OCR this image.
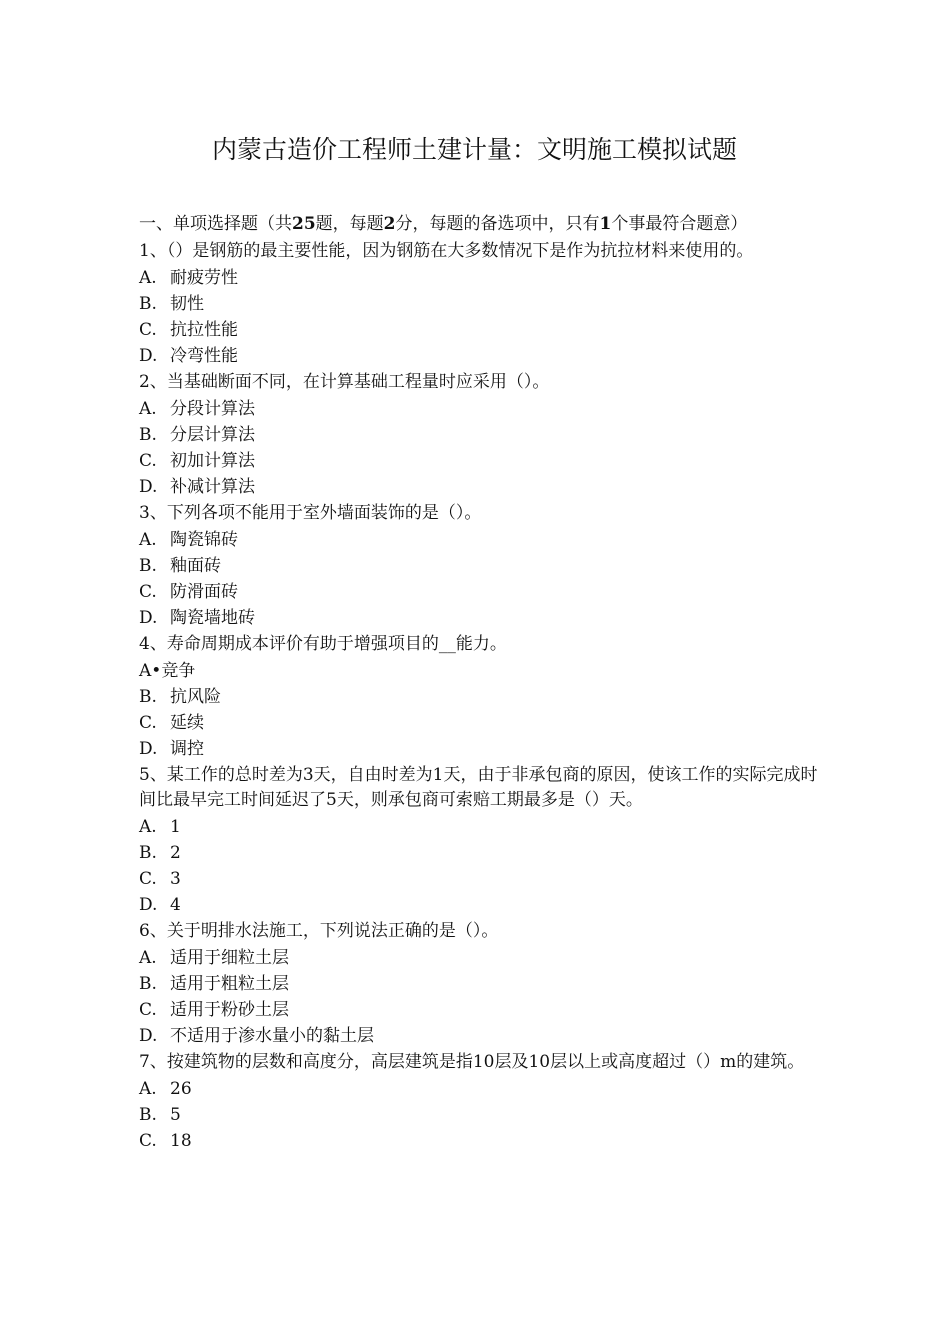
内蒙古造价工程师土建计量：文明施工模拟试题

一、单项选择题（共25题，每题2分，每题的备选项中，只有1个事最符合题意）

1、（）是钢筋的最主要性能，因为钢筋在大多数情况下是作为抗拉材料来使用的。

A. 耐疲劳性
B. 韧性
C. 抗拉性能
D. 冷弯性能

2、当基础断面不同，在计算基础工程量时应采用（）。

A. 分段计算法
B. 分层计算法
C. 初加计算法
D. 补减计算法

3、下列各项不能用于室外墙面装饰的是（）。

A. 陶瓷锦砖
B. 釉面砖
C. 防滑面砖
D. 陶瓷墙地砖

4、寿命周期成本评价有助于增强项目的__能力。

A• 竞争
B. 抗风险
C. 延续
D. 调控

5、某工作的总时差为3天，自由时差为1天，由于非承包商的原因，使该工作的实际完成时间比最早完工时间延迟了5天，则承包商可索赔工期最多是（）天。

A. 1
B. 2
C. 3
D. 4

6、关于明排水法施工，下列说法正确的是（）。

A. 适用于细粒土层
B. 适用于粗粒土层
C. 适用于粉砂土层
D. 不适用于渗水量小的黏土层

7、按建筑物的层数和高度分，高层建筑是指10层及10层以上或高度超过（）m的建筑。

A. 26
B. 5
C. 18
